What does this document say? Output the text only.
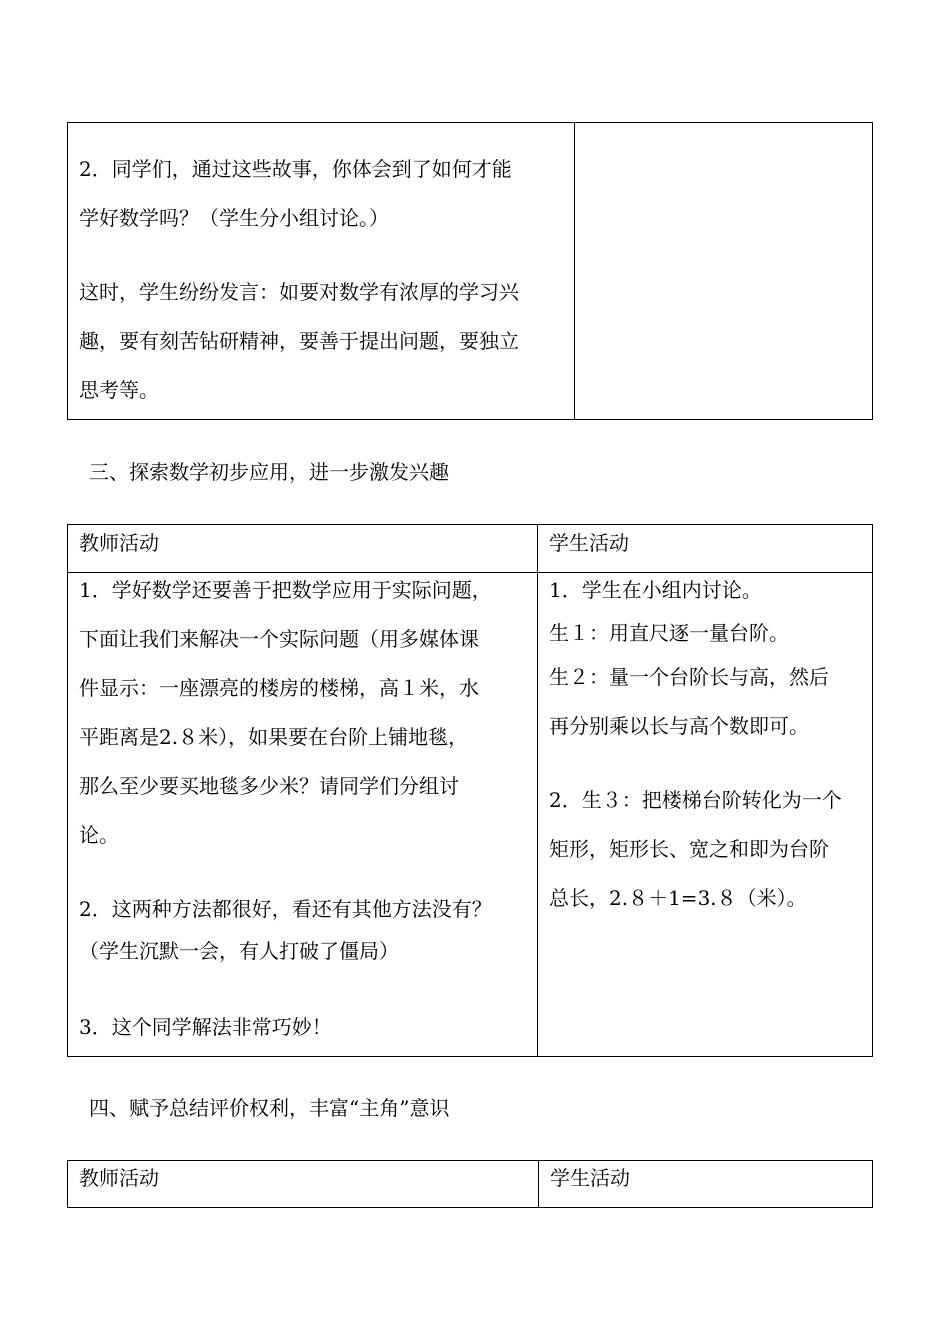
2．同学们，通过这些故事，你体会到了如何才能
学好数学吗？（学生分小组讨论。）
这时，学生纷纷发言：如要对数学有浓厚的学习兴
趣，要有刻苦钻研精神，要善于提出问题，要独立
思考等。
三、探索数学初步应用，进一步激发兴趣
教师活动	学生活动
1．学好数学还要善于把数学应用于实际问题，
下面让我们来解决一个实际问题（用多媒体课
件显示：一座漂亮的楼房的楼梯，高１米，水
平距离是2.８米），如果要在台阶上铺地毯，
那么至少要买地毯多少米？请同学们分组讨
论。
2．这两种方法都很好，看还有其他方法没有？
（学生沉默一会，有人打破了僵局）
3．这个同学解法非常巧妙！
1．学生在小组内讨论。
生１：用直尺逐一量台阶。
生２：量一个台阶长与高，然后
再分别乘以长与高个数即可。
2．生３：把楼梯台阶转化为一个
矩形，矩形长、宽之和即为台阶
总长，2.８＋1=3.８（米）。
四、赋予总结评价权利，丰富“主角”意识
教师活动	学生活动
